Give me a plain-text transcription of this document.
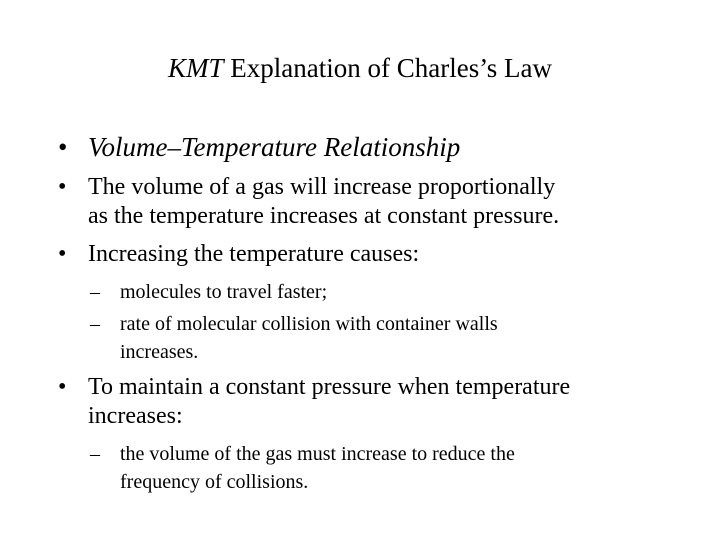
KMT Explanation of Charles’s Law
• Volume–Temperature Relationship
• The volume of a gas will increase proportionally
as the temperature increases at constant pressure.
• Increasing the temperature causes:
– molecules to travel faster;
– rate of molecular collision with container walls
increases.
• To maintain a constant pressure when temperature
increases:
– the volume of the gas must increase to reduce the
frequency of collisions.
